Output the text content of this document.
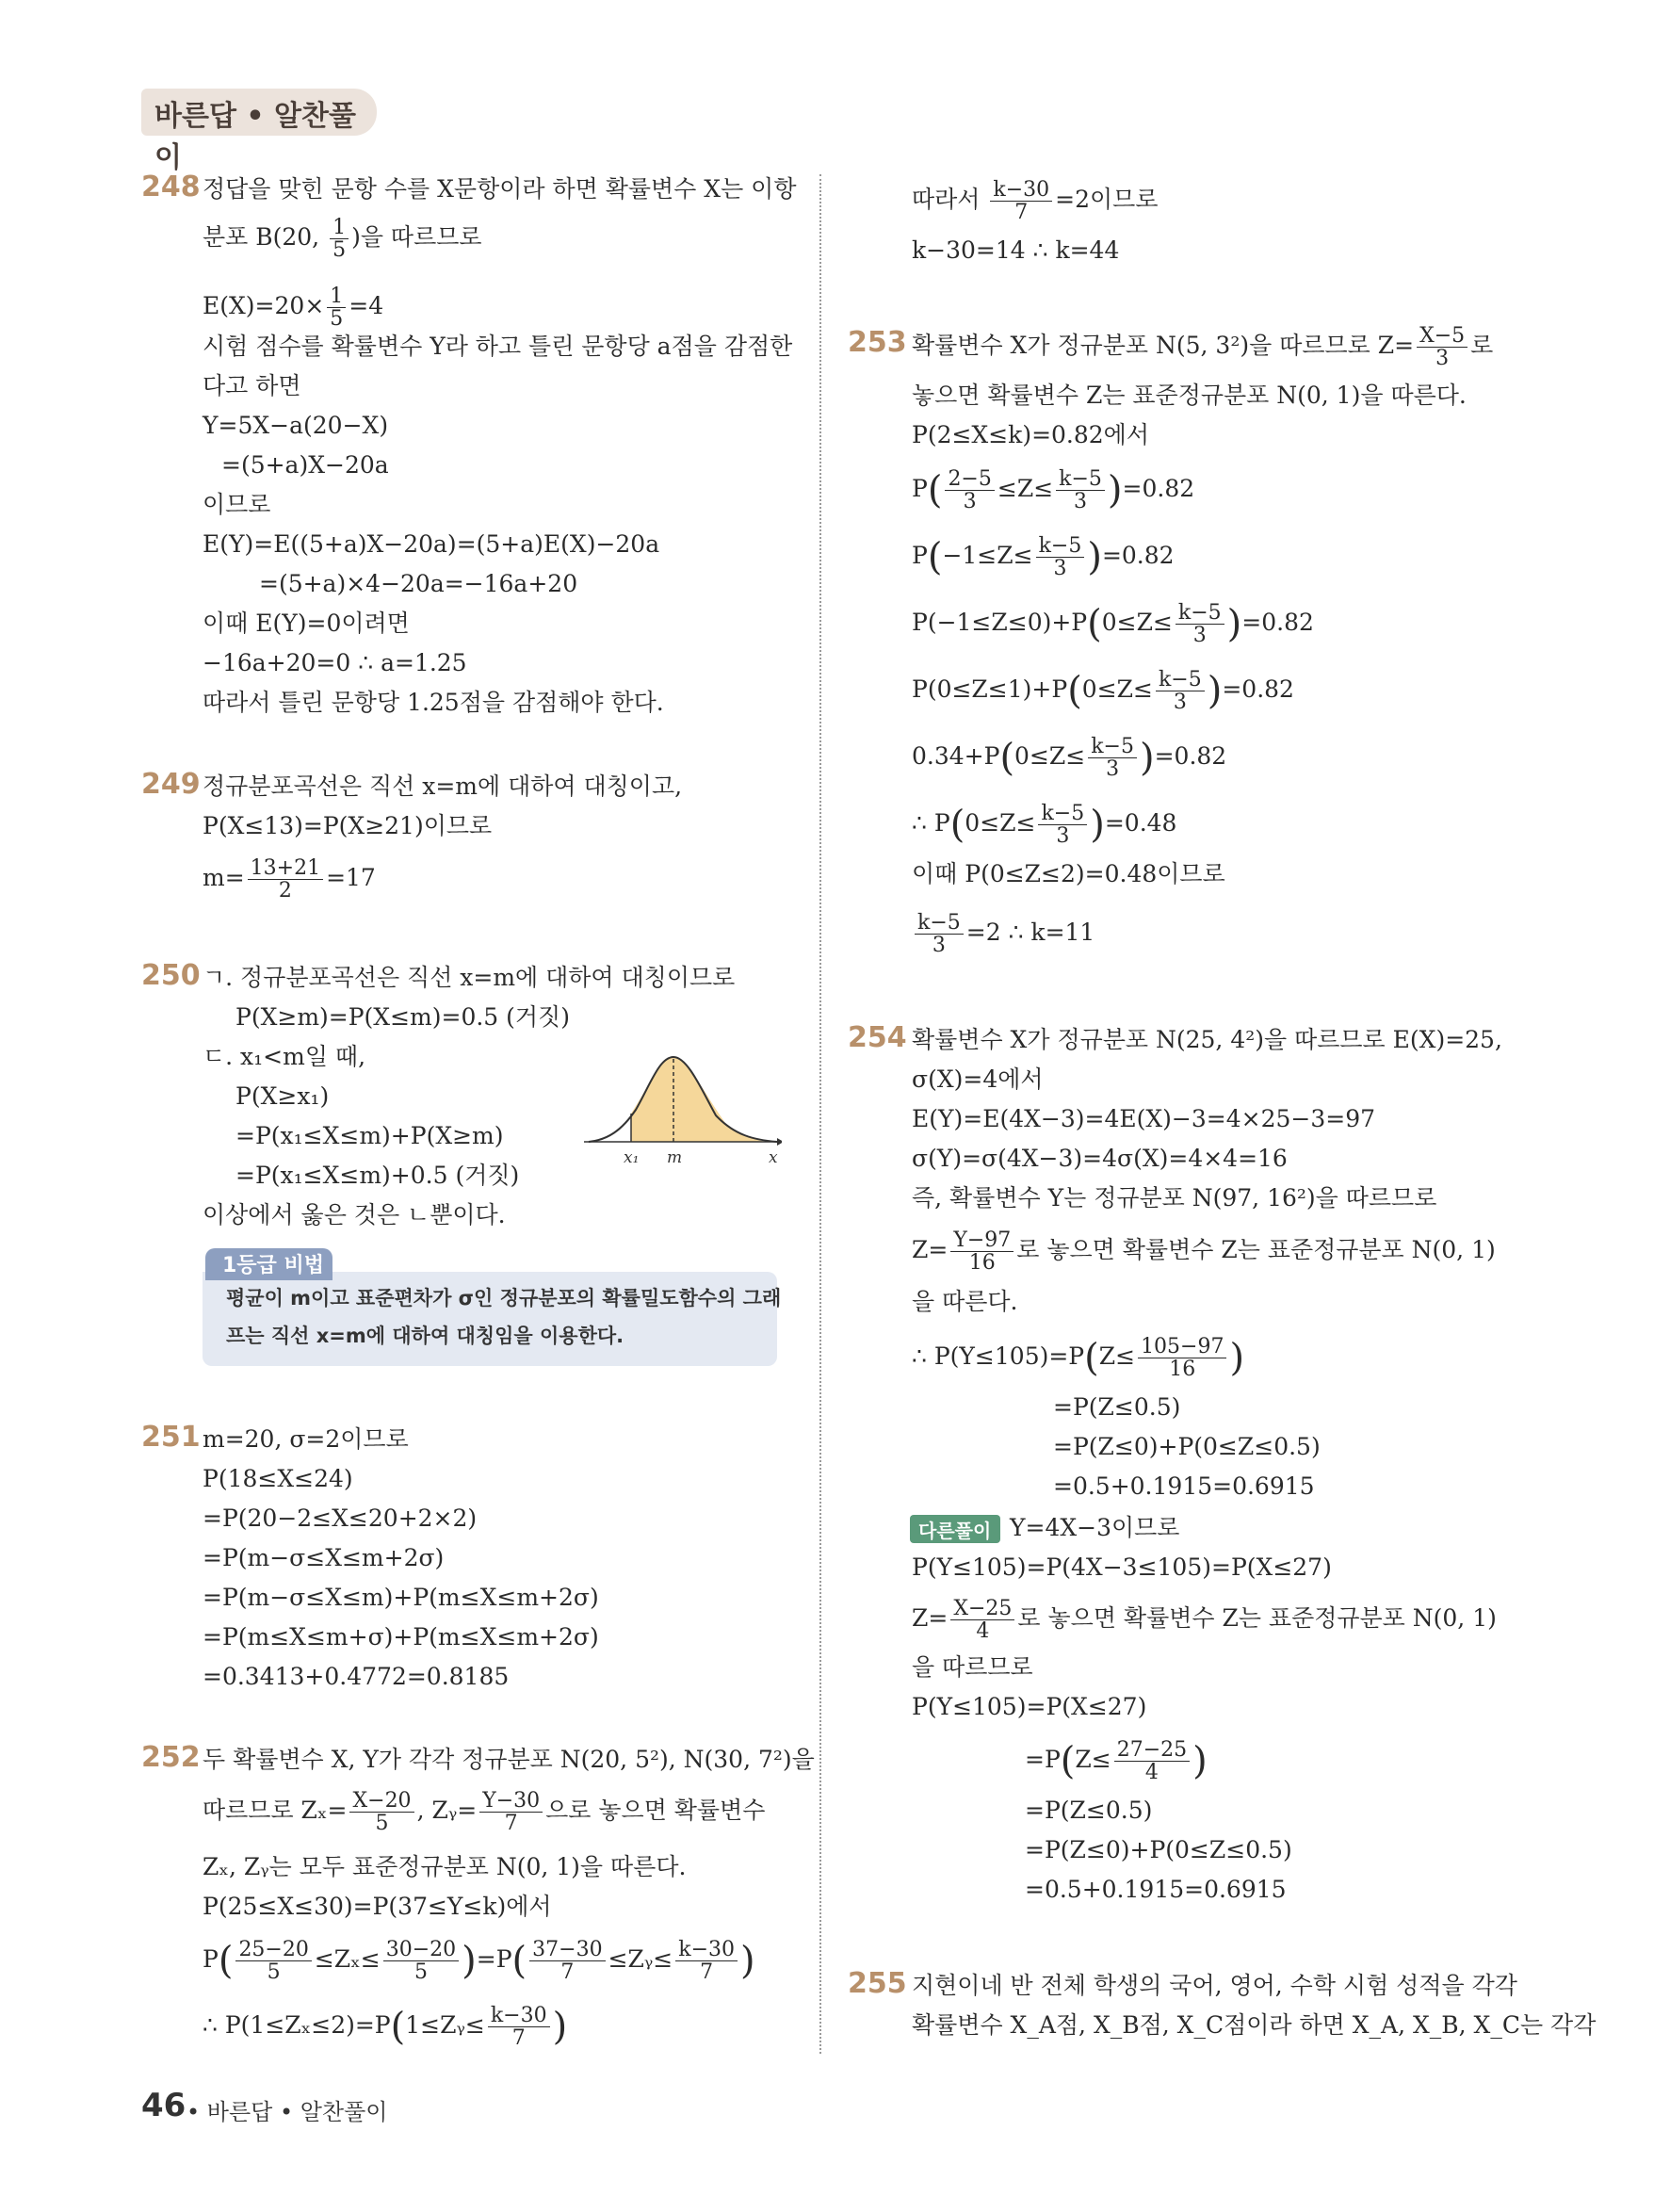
바른답 • 알찬풀이
248 정답을 맞힌 문항 수를 X문항이라 하면 확률변수 X는 이항
분포 B(20, $\frac{1}{5}$ )을 따르므로
$E(X)=20\times \frac{1}{5} =4$
시험 점수를 확률변수 Y라 하고 틀린 문항당 a점을 감점한
다고 하면
Y=5X−a(20−X)
=(5+a)X−20a
이므로
E(Y)=E((5+a)X−20a)=(5+a)E(X)−20a
=(5+a)×4−20a=−16a+20
이때 E(Y)=0이려면
−16a+20=0 ∴ a=1.25
따라서 틀린 문항당 1.25점을 감점해야 한다.
249 정규분포곡선은 직선 x=m에 대하여 대칭이고,
P(X≤13)=P(X≥21)이므로
$m= \frac{13+21}{2} =17$
250 ㄱ. 정규분포곡선은 직선 x=m에 대하여 대칭이므로
P(X≥m)=P(X≤m)=0.5 (거짓)
ㄷ. x₁<m일 때,
P(X≥x₁)
=P(x₁≤X≤m)+P(X≥m)
=P(x₁≤X≤m)+0.5 (거짓)
이상에서 옳은 것은 ㄴ뿐이다.
x₁ m	x
1등급 비법
평균이 m이고 표준편차가 σ인 정규분포의 확률밀도함수의 그래
프는 직선 x=m에 대하여 대칭임을 이용한다.
251 m=20, σ=2이므로
P(18≤X≤24)
=P(20−2≤X≤20+2×2)
=P(m−σ≤X≤m+2σ)
=P(m−σ≤X≤m)+P(m≤X≤m+2σ)
=P(m≤X≤m+σ)+P(m≤X≤m+2σ)
=0.3413+0.4772=0.8185
252 두 확률변수 X, Y가 각각 정규분포 N(20, 5²), N(30, 7²)을
따르므로 $Z_x= \frac{X-20}{5}$ , Zᵧ= $\frac{Y-30}{7}$ 으로 놓으면 확률변수
Zₓ, Zᵧ는 모두 표준정규분포 N(0, 1)을 따른다.
P(25≤X≤30)=P(37≤Y≤k)에서
$P( \frac{25-20}{5} \le Z_x\le \frac{30-20}{5} )=P( \frac{37-30}{7}$ ≤Zᵧ≤ $\frac{k-30}{7}$ )
∴ P(1≤Zₓ≤2)=P(1≤Zᵧ≤ $\frac{k-30}{7}$ )
따라서 $\frac{k-30}{7} =2$이므로
k−30=14 ∴ k=44
253 확률변수 X가 정규분포 N(5, 3²)을 따르므로 $Z= \frac{X-5}{3}$ 로
놓으면 확률변수 Z는 표준정규분포 N(0, 1)을 따른다.
P(2≤X≤k)=0.82에서
$P( \frac{2-5}{3} \le Z\le \frac{k-5}{3} )=0.82$
$P(-1\le Z\le \frac{k-5}{3} )=0.82$
$P(-1\le Z\le 0)+P(0\le Z\le \frac{k-5}{3} )=0.82$
$P(0\le Z\le 1)+P(0\le Z\le \frac{k-5}{3} )=0.82$
$0.34+P(0\le Z\le \frac{k-5}{3} )=0.82$
∴ $P(0\le Z\le \frac{k-5}{3} )=0.48$
이때 P(0≤Z≤2)=0.48이므로
$\frac{k-5}{3} =2$ ∴ k=11
254 확률변수 X가 정규분포 N(25, 4²)을 따르므로 E(X)=25,
σ(X)=4에서
E(Y)=E(4X−3)=4E(X)−3=4×25−3=97
σ(Y)=σ(4X−3)=4σ(X)=4×4=16
즉, 확률변수 Y는 정규분포 N(97, 16²)을 따르므로
$Z= \frac{Y-97}{16}$ 로 놓으면 확률변수 Z는 표준정규분포 N(0, 1)
을 따른다.
∴ $P(Y\le 105)=P(Z\le \frac{105-97}{16}$ )
=P(Z≤0.5)
=P(Z≤0)+P(0≤Z≤0.5)
=0.5+0.1915=0.6915
다른풀이 Y=4X−3이므로
P(Y≤105)=P(4X−3≤105)=P(X≤27)
$Z= \frac{X-25}{4}$ 로 놓으면 확률변수 Z는 표준정규분포 N(0, 1)
을 따르므로
P(Y≤105)=P(X≤27)
$=P(Z\le \frac{27-25}{4}$ )
=P(Z≤0.5)
=P(Z≤0)+P(0≤Z≤0.5)
=0.5+0.1915=0.6915
255 지현이네 반 전체 학생의 국어, 영어, 수학 시험 성적을 각각
확률변수 X_A점, X_B점, X_C점이라 하면 X_A, X_B, X_C는 각각
46 • 바른답 • 알찬풀이
